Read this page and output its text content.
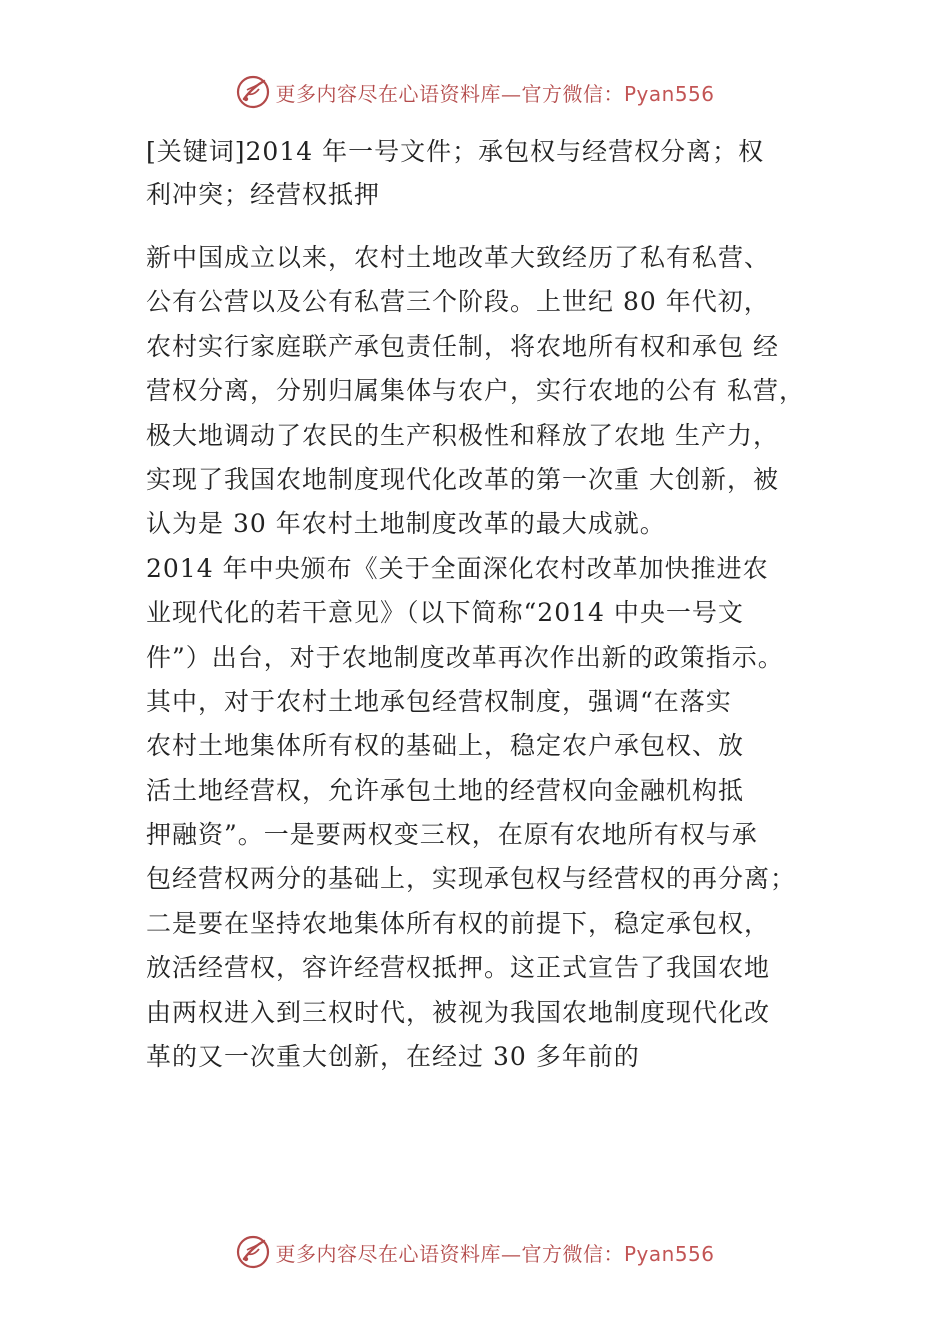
更多内容尽在心语资料库—官方微信：Pyan556
[关键词]2014 年一号文件；承包权与经营权分离；权
利冲突；经营权抵押
新中国成立以来，农村土地改革大致经历了私有私营、
公有公营以及公有私营三个阶段。上世纪 80 年代初，
农村实行家庭联产承包责任制，将农地所有权和承包 经
营权分离，分别归属集体与农户，实行农地的公有 私营，
极大地调动了农民的生产积极性和释放了农地 生产力，
实现了我国农地制度现代化改革的第一次重 大创新，被
认为是 30 年农村土地制度改革的最大成就。
2014 年中央颁布《关于全面深化农村改革加快推进农
业现代化的若干意见》（以下简称“2014 中央一号文
件”）出台，对于农地制度改革再次作出新的政策指示。
其中，对于农村土地承包经营权制度，强调“在落实
农村土地集体所有权的基础上，稳定农户承包权、放
活土地经营权，允许承包土地的经营权向金融机构抵
押融资”。一是要两权变三权，在原有农地所有权与承
包经营权两分的基础上，实现承包权与经营权的再分离；
二是要在坚持农地集体所有权的前提下，稳定承包权，
放活经营权，容许经营权抵押。这正式宣告了我国农地
由两权进入到三权时代，被视为我国农地制度现代化改
革的又一次重大创新，在经过 30 多年前的
更多内容尽在心语资料库—官方微信：Pyan556
